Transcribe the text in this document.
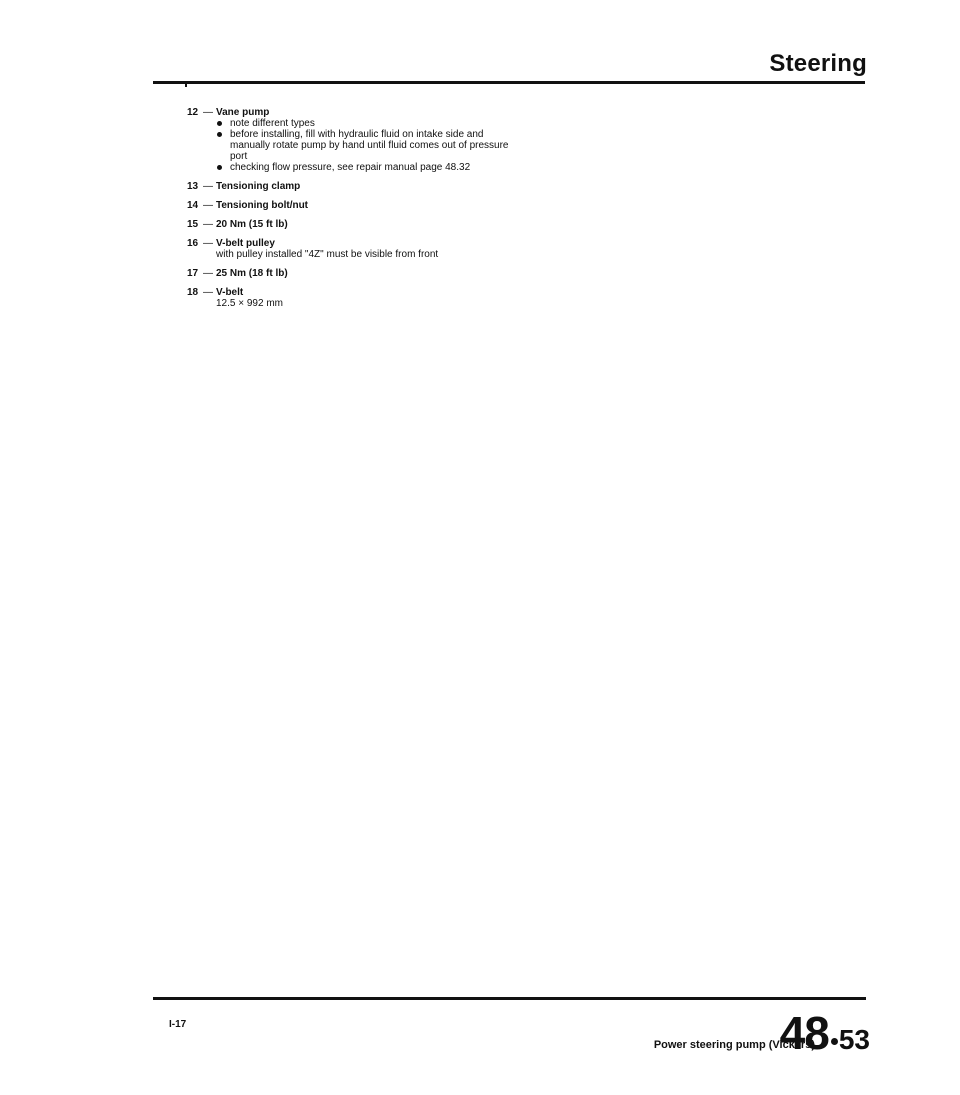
Steering
12 — Vane pump
note different types
before installing, fill with hydraulic fluid on intake side and manually rotate pump by hand until fluid comes out of pressure port
checking flow pressure, see repair manual page 48.32
13 — Tensioning clamp
14 — Tensioning bolt/nut
15 — 20 Nm (15 ft lb)
16 — V-belt pulley
with pulley installed "4Z" must be visible from front
17 — 25 Nm (18 ft lb)
18 — V-belt
12.5 × 992 mm
I-17
Power steering pump (Vickers)
48 53
